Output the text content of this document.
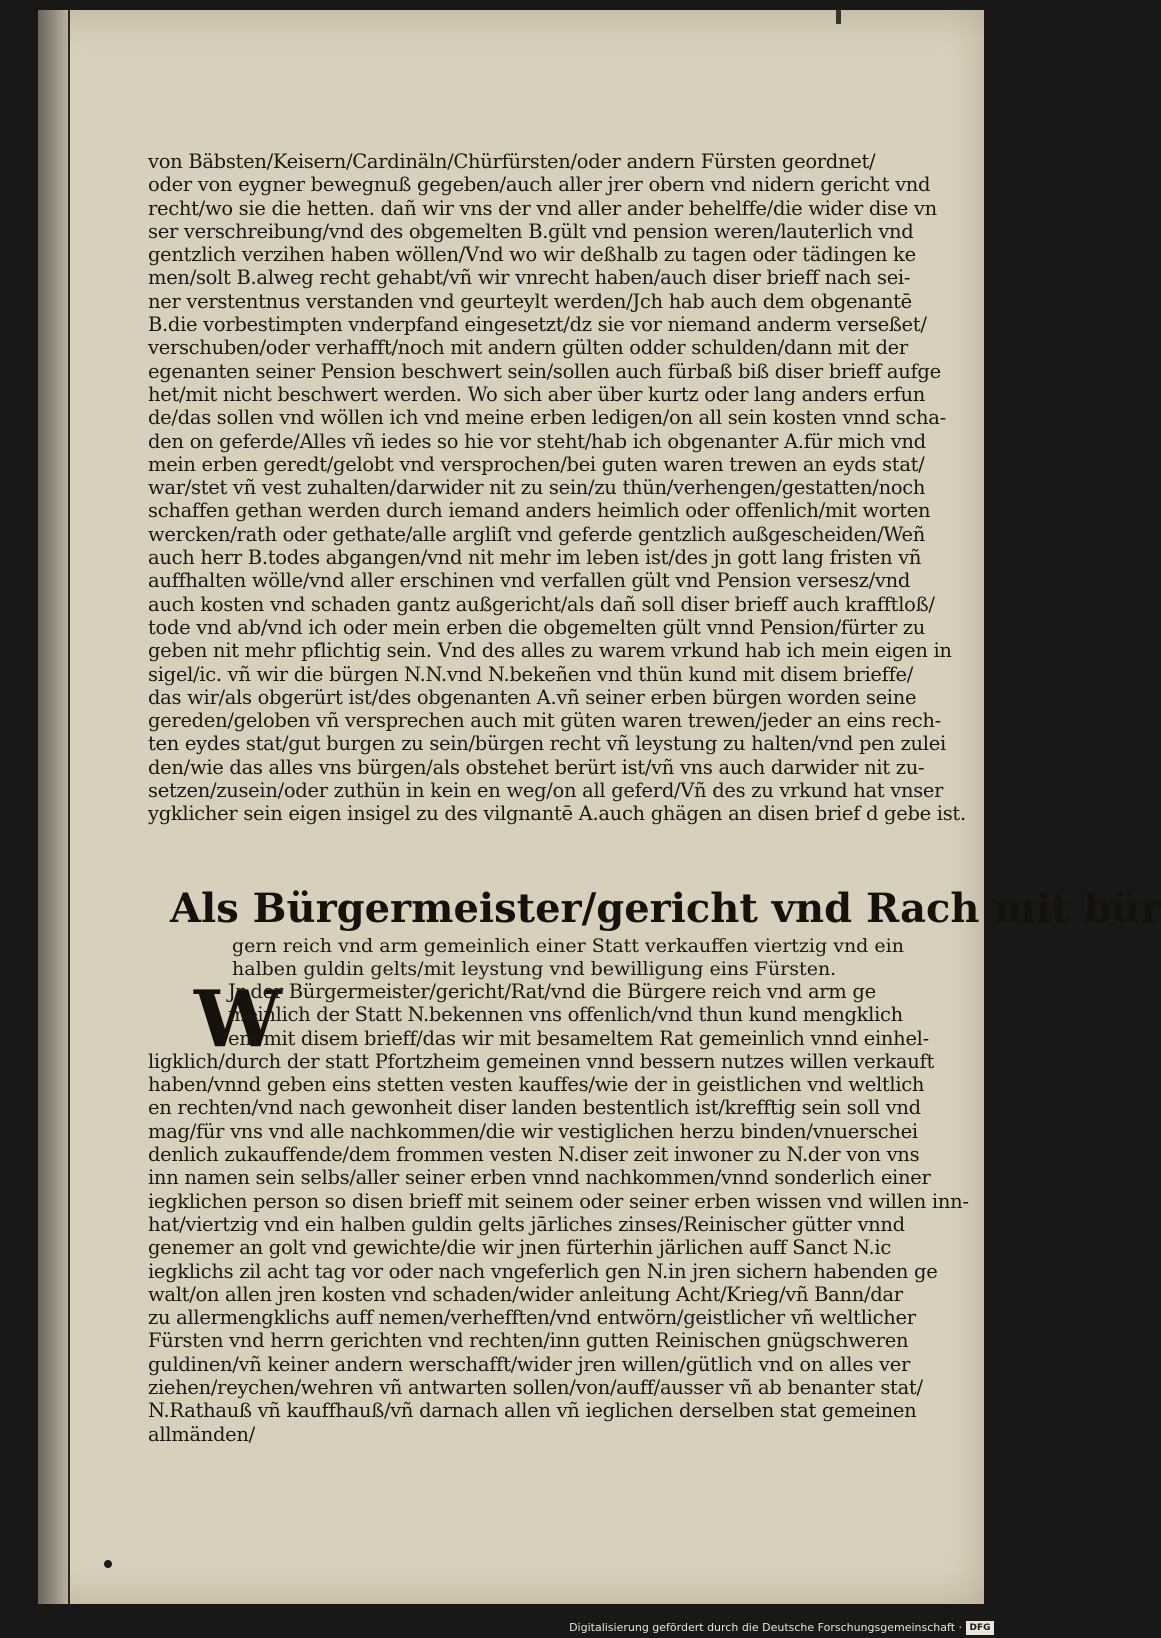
von Bäbsten/Keisern/Cardinäln/Chürfürsten/oder andern Fürsten geordnet/
oder von eygner bewegnuß gegeben/auch aller jrer obern vnd nidern gericht vnd
recht/wo sie die hetten. dañ wir vns der vnd aller ander behelffe/die wider dise vn
ser verschreibung/vnd des obgemelten B.gült vnd pension weren/lauterlich vnd
gentzlich verzihen haben wöllen/Vnd wo wir deßhalb zu tagen oder tädingen ke
men/solt B.alweg recht gehabt/vñ wir vnrecht haben/auch diser brieff nach sei-
ner verstentnus verstanden vnd geurteylt werden/Jch hab auch dem obgenantē
B.die vorbestimpten vnderpfand eingesetzt/dz sie vor niemand anderm verseßet/
verschuben/oder verhafft/noch mit andern gülten odder schulden/dann mit der
egenanten seiner Pension beschwert sein/sollen auch fürbaß biß diser brieff aufge
het/mit nicht beschwert werden. Wo sich aber über kurtz oder lang anders erfun
de/das sollen vnd wöllen ich vnd meine erben ledigen/on all sein kosten vnnd scha-
den on geferde/Alles vñ iedes so hie vor steht/hab ich obgenanter A.für mich vnd
mein erben geredt/gelobt vnd versprochen/bei guten waren trewen an eyds stat/
war/stet vñ vest zuhalten/darwider nit zu sein/zu thün/verhengen/gestatten/noch
schaffen gethan werden durch iemand anders heimlich oder offenlich/mit worten
wercken/rath oder gethate/alle argliſt vnd geferde gentzlich außgescheiden/Weñ
auch herr B.todes abgangen/vnd nit mehr im leben ist/des jn gott lang fristen vñ
auffhalten wölle/vnd aller erschinen vnd verfallen gült vnd Pension versesz/vnd
auch kosten vnd schaden gantz außgericht/als dañ soll diser brieff auch krafftloß/
tode vnd ab/vnd ich oder mein erben die obgemelten gült vnnd Pension/fürter zu
geben nit mehr pflichtig sein. Vnd des alles zu warem vrkund hab ich mein eigen in
sigel/ic. vñ wir die bürgen N.N.vnd N.bekeñen vnd thün kund mit disem brieffe/
das wir/als obgerürt ist/des obgenanten A.vñ seiner erben bürgen worden seine
gereden/geloben vñ versprechen auch mit güten waren trewen/jeder an eins rech-
ten eydes stat/gut burgen zu sein/bürgen recht vñ leystung zu halten/vnd pen zulei
den/wie das alles vns bürgen/als obstehet berürt ist/vñ vns auch darwider nit zu-
setzen/zusein/oder zuthün in kein en weg/on all geferd/Vñ des zu vrkund hat vnser
ygklicher sein eigen insigel zu des vilgnantē A.auch ghägen an disen brief d gebe ist.
Als Bürgermeister/gericht vnd Rach mit bür
gern reich vnd arm gemeinlich einer Statt verkauffen viertzig vnd ein
halben guldin gelts/mit leystung vnd bewilligung eins Fürsten.
W
Jr der Bürgermeister/gericht/Rat/vnd die Bürgere reich vnd arm ge
meinlich der Statt N.bekennen vns offenlich/vnd thun kund mengklich
em mit disem brieff/das wir mit besameltem Rat gemeinlich vnnd einhel-
ligklich/durch der statt Pfortzheim gemeinen vnnd bessern nutzes willen verkauft
haben/vnnd geben eins stetten vesten kauffes/wie der in geistlichen vnd weltlich
en rechten/vnd nach gewonheit diser landen bestentlich ist/krefftig sein soll vnd
mag/für vns vnd alle nachkommen/die wir vestiglichen herzu binden/vnuerschei
denlich zukauffende/dem frommen vesten N.diser zeit inwoner zu N.der von vns
inn namen sein selbs/aller seiner erben vnnd nachkommen/vnnd sonderlich einer
iegklichen person so disen brieff mit seinem oder seiner erben wissen vnd willen inn-
hat/viertzig vnd ein halben guldin gelts jārliches zinses/Reinischer gütter vnnd
genemer an golt vnd gewichte/die wir jnen fürterhin järlichen auff Sanct N.ic
iegklichs zil acht tag vor oder nach vngeferlich gen N.in jren sichern habenden ge
walt/on allen jren kosten vnd schaden/wider anleitung Acht/Krieg/vñ Bann/dar
zu allermengklichs auff nemen/verhefften/vnd entwörn/geistlicher vñ weltlicher
Fürsten vnd herrn gerichten vnd rechten/inn gutten Reinischen gnügschweren
guldinen/vñ keiner andern werschafft/wider jren willen/gütlich vnd on alles ver
ziehen/reychen/wehren vñ antwarten sollen/von/auff/ausser vñ ab benanter stat/
N.Rathauß vñ kauffhauß/vñ darnach allen vñ ieglichen derselben stat gemeinen
allmänden/
Digitalisierung gefördert durch die Deutsche Forschungsgemeinschaft · DFG
